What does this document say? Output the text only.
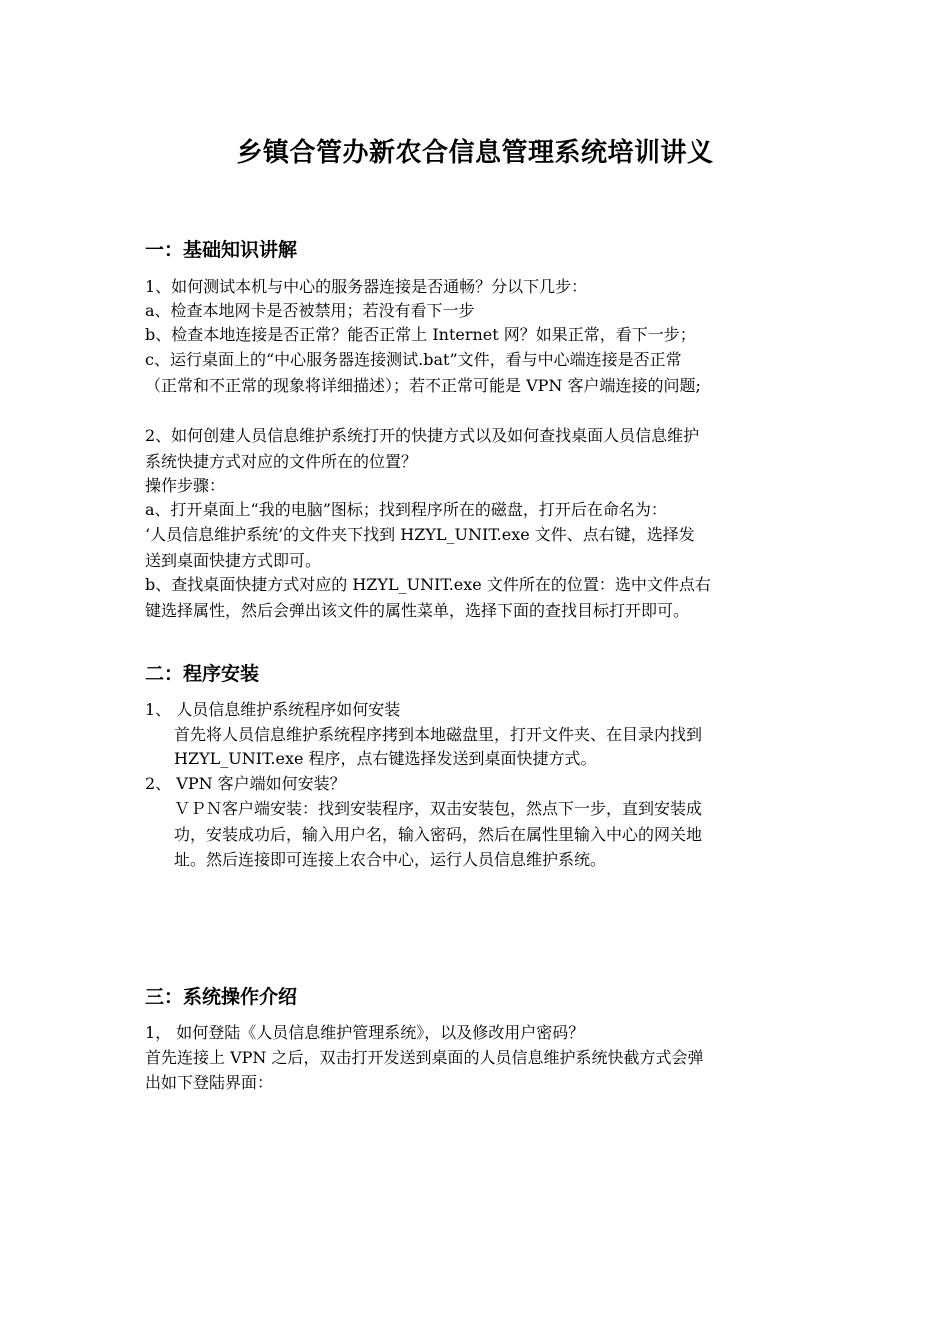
乡镇合管办新农合信息管理系统培训讲义
一：基础知识讲解
1、如何测试本机与中心的服务器连接是否通畅？分以下几步：
a、检查本地网卡是否被禁用；若没有看下一步
b、检查本地连接是否正常？能否正常上 Internet 网？如果正常，看下一步；
c、运行桌面上的“中心服务器连接测试.bat”文件，看与中心端连接是否正常
（正常和不正常的现象将详细描述）；若不正常可能是 VPN 客户端连接的问题;
2、如何创建人员信息维护系统打开的快捷方式以及如何查找桌面人员信息维护
系统快捷方式对应的文件所在的位置？
操作步骤：
a、打开桌面上“我的电脑”图标；找到程序所在的磁盘，打开后在命名为：
‘人员信息维护系统’的文件夹下找到 HZYL_UNIT.exe 文件、点右键，选择发
送到桌面快捷方式即可。
b、查找桌面快捷方式对应的 HZYL_UNIT.exe 文件所在的位置：选中文件点右
键选择属性，然后会弹出该文件的属性菜单，选择下面的查找目标打开即可。
二：程序安装
1、 人员信息维护系统程序如何安装
首先将人员信息维护系统程序拷到本地磁盘里，打开文件夹、在目录内找到
HZYL_UNIT.exe 程序，点右键选择发送到桌面快捷方式。
2、 VPN 客户端如何安装？
ＶＰＮ客户端安装：找到安装程序，双击安装包，然点下一步，直到安装成
功，安装成功后，输入用户名，输入密码，然后在属性里输入中心的网关地
址。然后连接即可连接上农合中心，运行人员信息维护系统。
三：系统操作介绍
1， 如何登陆《人员信息维护管理系统》，以及修改用户密码？
首先连接上 VPN 之后，双击打开发送到桌面的人员信息维护系统快截方式会弹
出如下登陆界面：
